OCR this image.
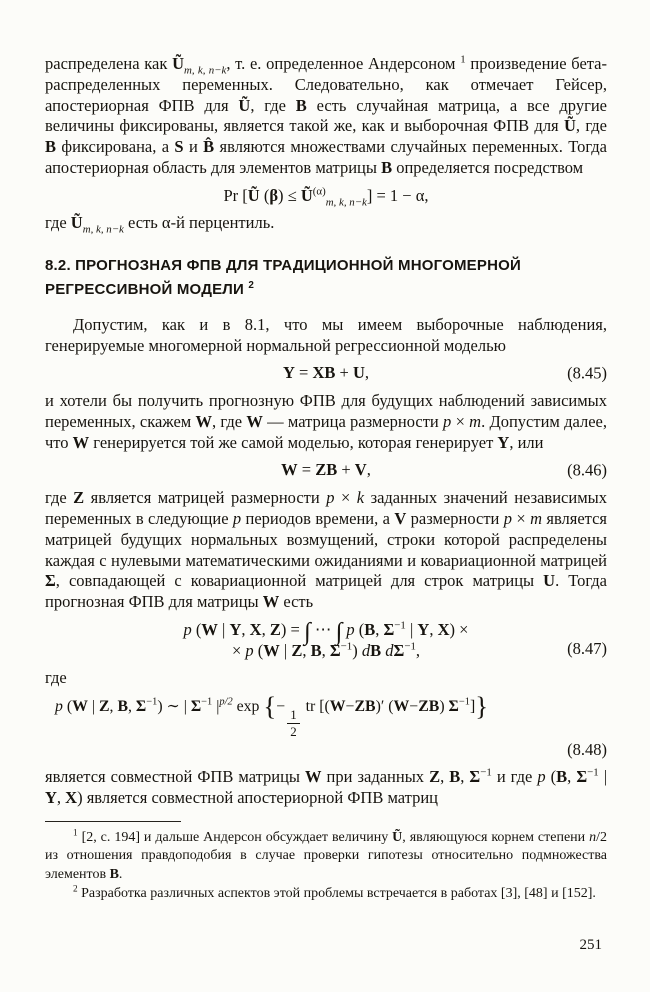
распределена как $Ũ_{m, k, n-k}$, т. е. определенное Андерсоном $^1$ произведение бета-распределенных переменных. Следовательно, как отмечает Гейсер, апостериорная ФПВ для Ũ, где B есть случайная матрица, а все другие величины фиксированы, является такой же, как и выборочная ФПВ для Ũ, где B фиксирована, а S и B̂ являются множествами случайных переменных. Тогда апостериорная область для элементов матрицы B определяется посредством

Pr [Ũ $(\beta) \le Ũ^{(\alpha)}_{m, k, n-k}] = 1 - \alpha$,

где $Ũ_{m, k, n-k}$ есть α-й перцентиль.

8.2. ПРОГНОЗНАЯ ФПВ ДЛЯ ТРАДИЦИОННОЙ МНОГОМЕРНОЙ
РЕГРЕССИВНОЙ МОДЕЛИ $^2$

Допустим, как и в 8.1, что мы имеем выборочные наблюдения, генерируемые многомерной нормальной регрессионной моделью

Y = XB + U,	(8.45)

и хотели бы получить прогнозную ФПВ для будущих наблюдений зависимых переменных, скажем W, где W — матрица размерности p × m. Допустим далее, что W генерируется той же самой моделью, которая генерирует Y, или

W = ZB + V,	(8.46)

где Z является матрицей размерности p × k заданных значений независимых переменных в следующие p периодов времени, а V размерности p × m является матрицей будущих нормальных возмущений, строки которой распределены каждая с нулевыми математическими ожиданиями и ковариационной матрицей Σ, совпадающей с ковариационной матрицей для строк матрицы U. Тогда прогнозная ФПВ для матрицы W есть

p (W | Y, X, Z) = ∫ ⋯ ∫ p (B, $\Sigma^{-1}$ | Y, X) ×
× p (W | Z, B, $\Sigma^{-1}$) dB $d\Sigma^{-1}$,	(8.47)

где

p (W | Z, B, $\Sigma^{-1}$) ∼ | $\Sigma^{-1}$ $|^{p/2}$ exp {−
$\frac{1}{2}$
tr [(W−ZB)′ (W−ZB) $\Sigma^{-1}$]}

(8.48)

является совместной ФПВ матрицы W при заданных Z, B, $\Sigma^{-1}$ и где p (B, $\Sigma^{-1}$ | Y, X) является совместной апостериорной ФПВ матриц

$^1$ [2, с. 194] и дальше Андерсон обсуждает величину Ũ, являющуюся корнем степени n/2 из отношения правдоподобия в случае проверки гипотезы относительно подмножества элементов B.

$^2$ Разработка различных аспектов этой проблемы встречается в работах [3], [48] и [152].

251
